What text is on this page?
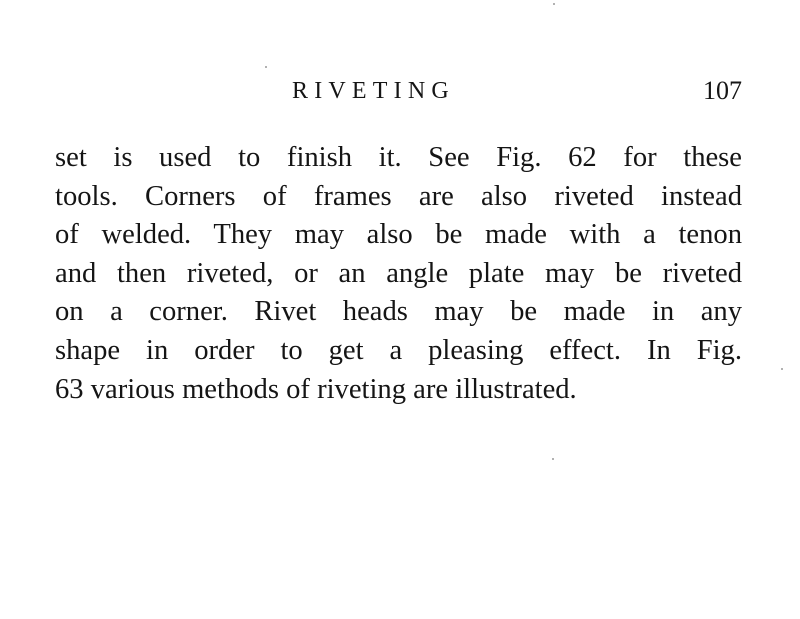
RIVETING	107

set is used to finish it. See Fig. 62 for these
tools. Corners of frames are also riveted instead
of welded. They may also be made with a tenon
and then riveted, or an angle plate may be riveted
on a corner. Rivet heads may be made in any
shape in order to get a pleasing effect. In Fig.
63 various methods of riveting are illustrated.
